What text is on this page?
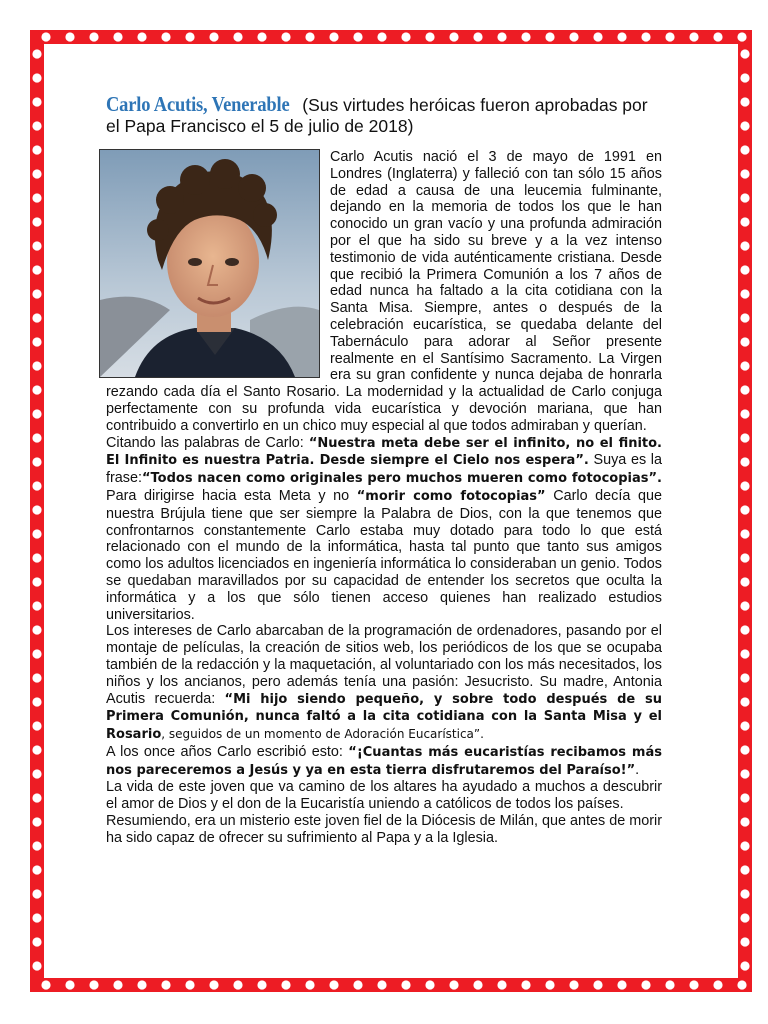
Carlo Acutis, Venerable (Sus virtudes heróicas fueron aprobadas por el Papa Francisco el 5 de julio de 2018)

Carlo Acutis nació el 3 de mayo de 1991 en Londres (Inglaterra) y falleció con tan sólo 15 años de edad a causa de una leucemia fulminante, dejando en la memoria de todos los que le han conocido un gran vacío y una profunda admiración por el que ha sido su breve y a la vez intenso testimonio de vida auténticamente cristiana. Desde que recibió la Primera Comunión a los 7 años de edad nunca ha faltado a la cita cotidiana con la Santa Misa. Siempre, antes o después de la celebración eucarística, se quedaba delante del Tabernáculo para adorar al Señor presente realmente en el Santísimo Sacramento. La Virgen era su gran confidente y nunca dejaba de honrarla rezando cada día el Santo Rosario. La modernidad y la actualidad de Carlo conjuga perfectamente con su profunda vida eucarística y devoción mariana, que han contribuido a convertirlo en un chico muy especial al que todos admiraban y querían.

Citando las palabras de Carlo: “Nuestra meta debe ser el infinito, no el finito. El Infinito es nuestra Patria. Desde siempre el Cielo nos espera”. Suya es la frase:“Todos nacen como originales pero muchos mueren como fotocopias”. Para dirigirse hacia esta Meta y no “morir como fotocopias” Carlo decía que nuestra Brújula tiene que ser siempre la Palabra de Dios, con la que tenemos que confrontarnos constantemente Carlo estaba muy dotado para todo lo que está relacionado con el mundo de la informática, hasta tal punto que tanto sus amigos como los adultos licenciados en ingeniería informática lo consideraban un genio. Todos se quedaban maravillados por su capacidad de entender los secretos que oculta la informática y a los que sólo tienen acceso quienes han realizado estudios universitarios.

Los intereses de Carlo abarcaban de la programación de ordenadores, pasando por el montaje de películas, la creación de sitios web, los periódicos de los que se ocupaba también de la redacción y la maquetación, al voluntariado con los más necesitados, los niños y los ancianos, pero además tenía una pasión: Jesucristo. Su madre, Antonia Acutis recuerda: “Mi hijo siendo pequeño, y sobre todo después de su Primera Comunión, nunca faltó a la cita cotidiana con la Santa Misa y el Rosario, seguidos de un momento de Adoración Eucarística”.

A los once años Carlo escribió esto: “¡Cuantas más eucaristías recibamos más nos pareceremos a Jesús y ya en esta tierra disfrutaremos del Paraíso!”.

La vida de este joven que va camino de los altares ha ayudado a muchos a descubrir el amor de Dios y el don de la Eucaristía uniendo a católicos de todos los países.

Resumiendo, era un misterio este joven fiel de la Diócesis de Milán, que antes de morir ha sido capaz de ofrecer su sufrimiento al Papa y a la Iglesia.
